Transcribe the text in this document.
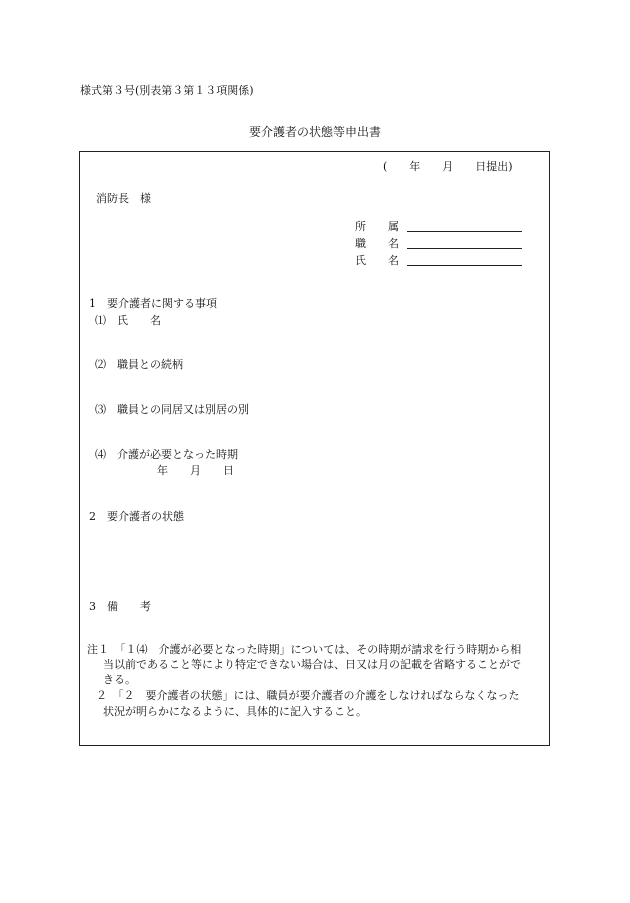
様式第３号(別表第３第１３項関係)
要介護者の状態等申出書
(　　年　　月　　日提出)
消防長　様
所　　属
職　　名
氏　　名
1　要介護者に関する事項
⑴　氏　　名
⑵　職員との続柄
⑶　職員との同居又は別居の別
⑷　介護が必要となった時期
年　　月　　日
2　要介護者の状態
3　備　　考
注１　「１⑷　介護が必要となった時期」については、その時期が請求を行う時期から相
当以前であること等により特定できない場合は、日又は月の記載を省略することがで
きる。
２　「２　要介護者の状態」には、職員が要介護者の介護をしなければならなくなった
状況が明らかになるように、具体的に記入すること。
